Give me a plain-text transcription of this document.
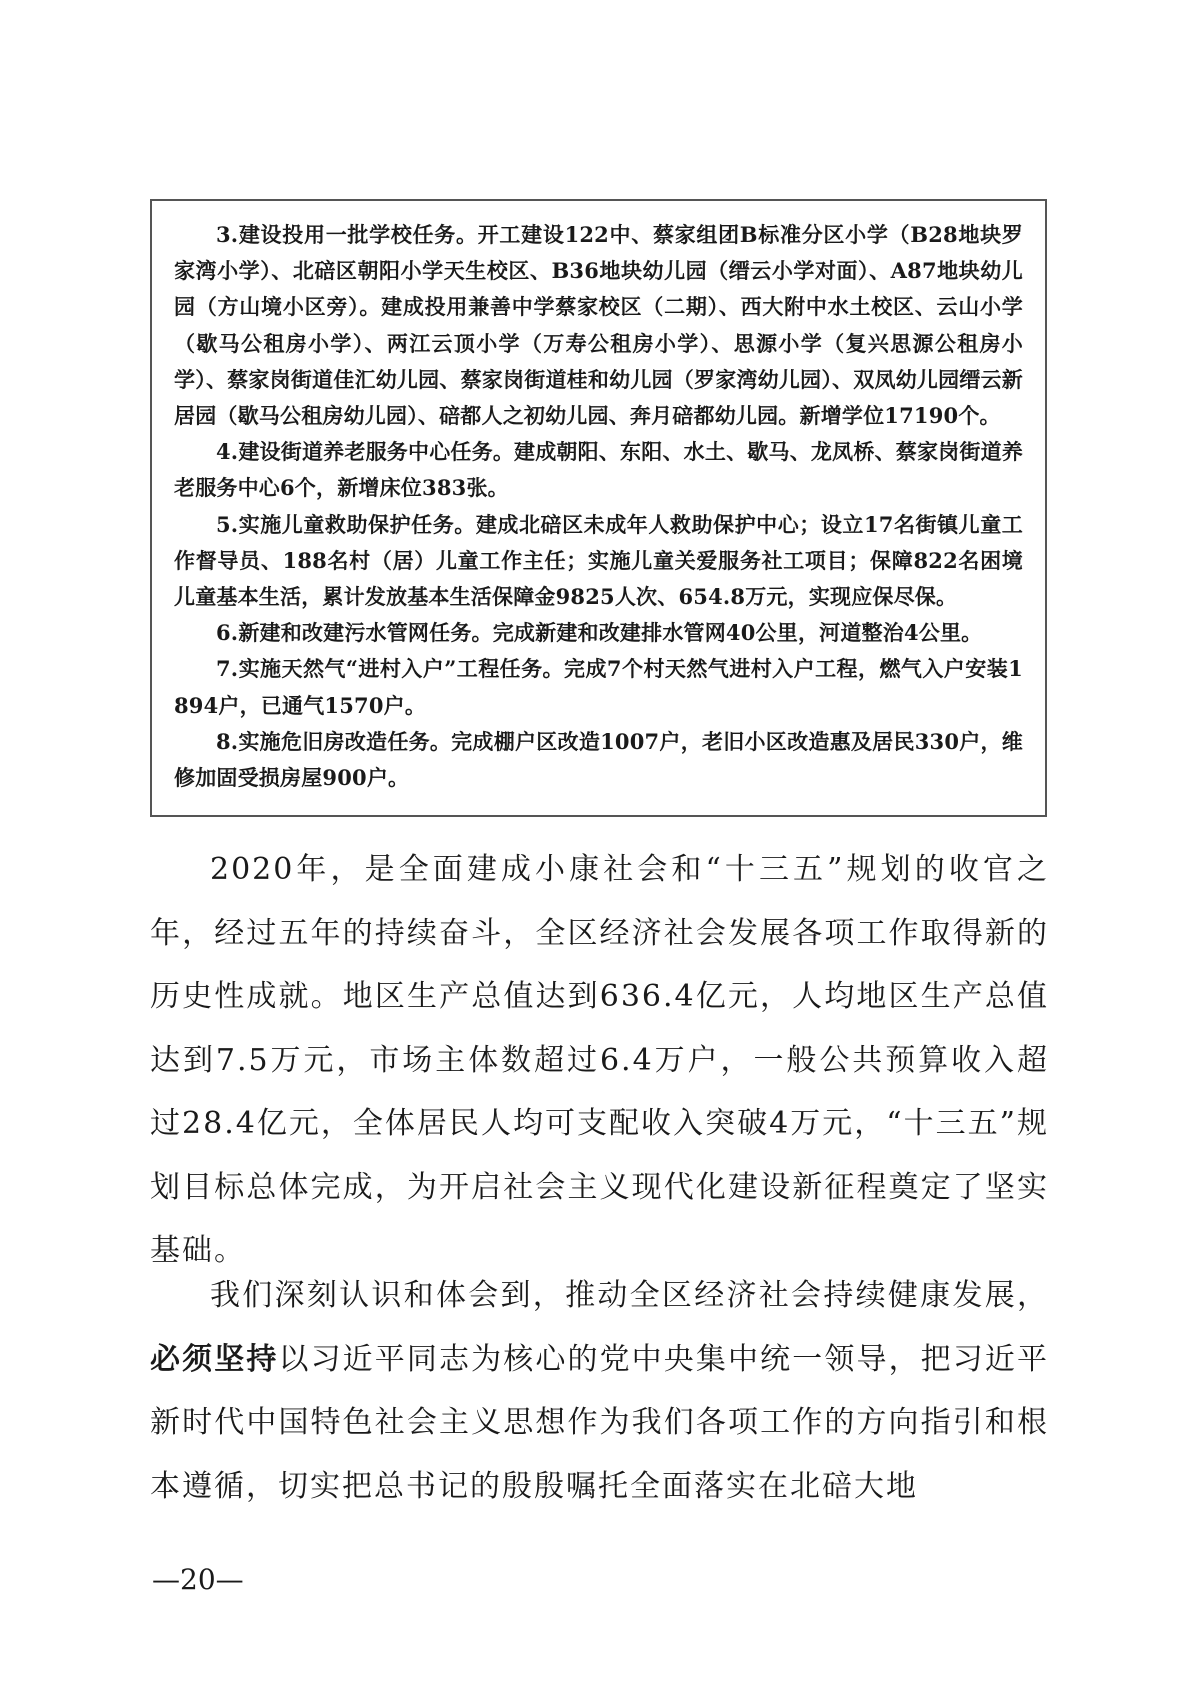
3.建设投用一批学校任务。开工建设122中、蔡家组团B标准分区小学（B28地块罗家湾小学）、北碚区朝阳小学天生校区、B36地块幼儿园（缙云小学对面）、A87地块幼儿园（方山境小区旁）。建成投用兼善中学蔡家校区（二期）、西大附中水土校区、云山小学（歇马公租房小学）、两江云顶小学（万寿公租房小学）、思源小学（复兴思源公租房小学）、蔡家岗街道佳汇幼儿园、蔡家岗街道桂和幼儿园（罗家湾幼儿园）、双凤幼儿园缙云新居园（歇马公租房幼儿园）、碚都人之初幼儿园、奔月碚都幼儿园。新增学位17190个。

4.建设街道养老服务中心任务。建成朝阳、东阳、水土、歇马、龙凤桥、蔡家岗街道养老服务中心6个，新增床位383张。

5.实施儿童救助保护任务。建成北碚区未成年人救助保护中心；设立17名街镇儿童工作督导员、188名村（居）儿童工作主任；实施儿童关爱服务社工项目；保障822名困境儿童基本生活，累计发放基本生活保障金9825人次、654.8万元，实现应保尽保。

6.新建和改建污水管网任务。完成新建和改建排水管网40公里，河道整治4公里。

7.实施天然气“进村入户”工程任务。完成7个村天然气进村入户工程，燃气入户安装1894户，已通气1570户。

8.实施危旧房改造任务。完成棚户区改造1007户，老旧小区改造惠及居民330户，维修加固受损房屋900户。

2020年，是全面建成小康社会和“十三五”规划的收官之年，经过五年的持续奋斗，全区经济社会发展各项工作取得新的历史性成就。地区生产总值达到636.4亿元，人均地区生产总值达到7.5万元，市场主体数超过6.4万户，一般公共预算收入超过28.4亿元，全体居民人均可支配收入突破4万元，“十三五”规划目标总体完成，为开启社会主义现代化建设新征程奠定了坚实基础。

我们深刻认识和体会到，推动全区经济社会持续健康发展，必须坚持以习近平同志为核心的党中央集中统一领导，把习近平新时代中国特色社会主义思想作为我们各项工作的方向指引和根本遵循，切实把总书记的殷殷嘱托全面落实在北碚大地

—20—
